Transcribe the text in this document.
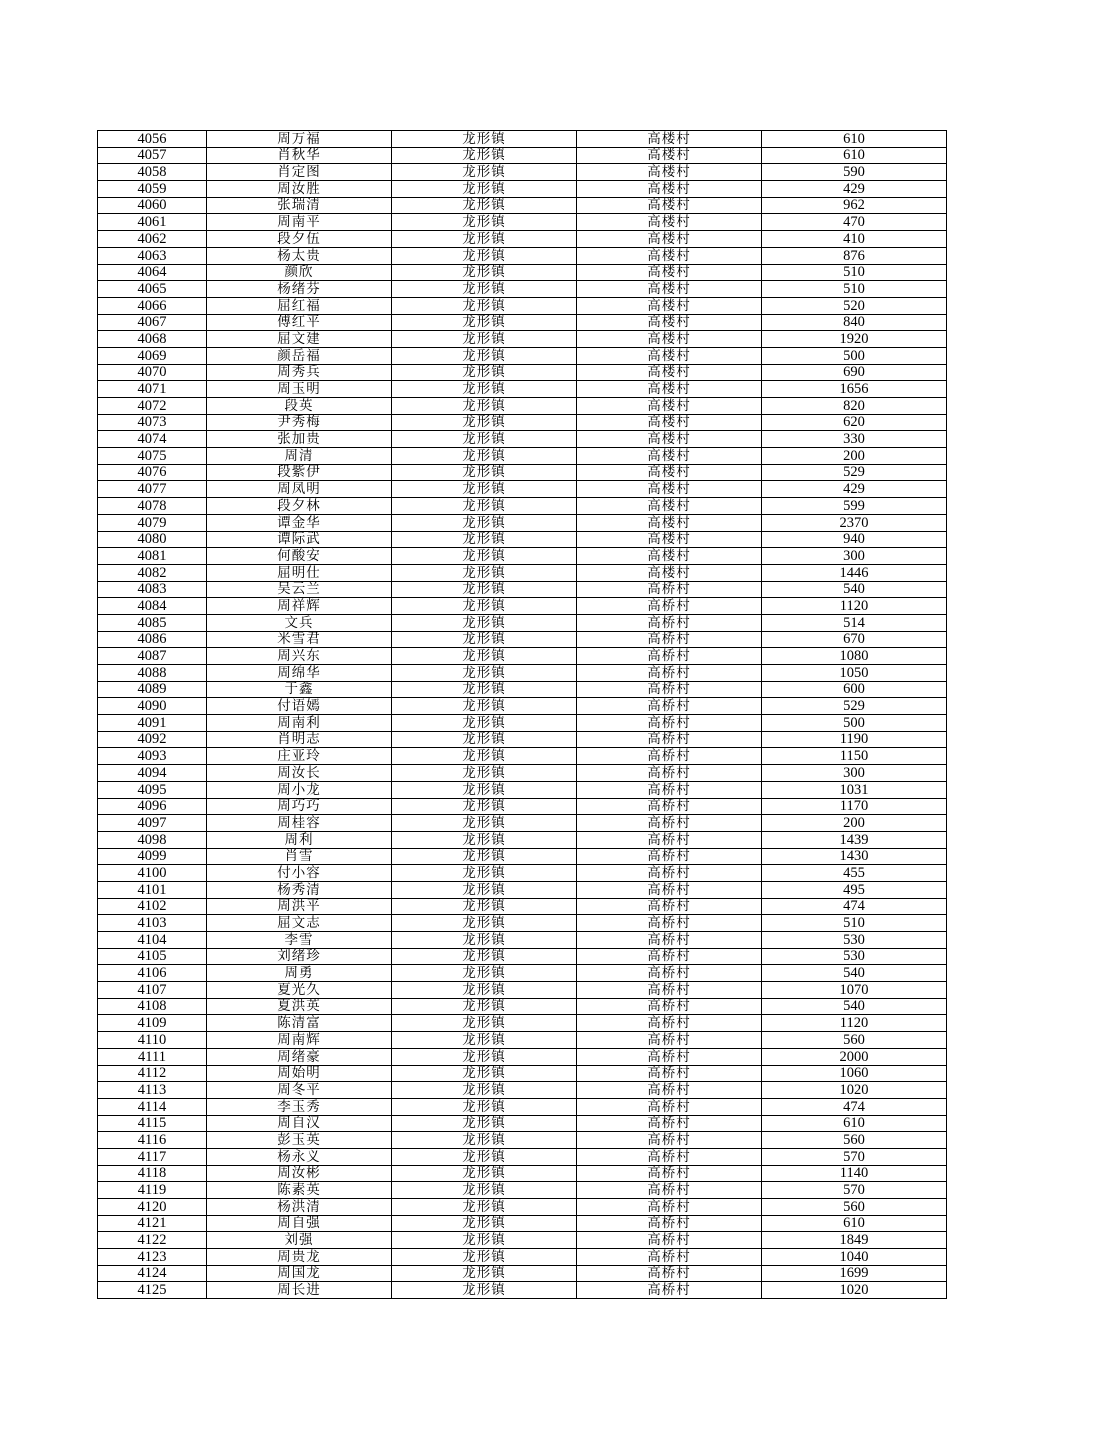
4056	周万福	龙形镇	高楼村	610
4057	肖秋华	龙形镇	高楼村	610
4058	肖定图	龙形镇	高楼村	590
4059	周汝胜	龙形镇	高楼村	429
4060	张瑞清	龙形镇	高楼村	962
4061	周南平	龙形镇	高楼村	470
4062	段夕伍	龙形镇	高楼村	410
4063	杨太贵	龙形镇	高楼村	876
4064	颜欣	龙形镇	高楼村	510
4065	杨绪芬	龙形镇	高楼村	510
4066	屈红福	龙形镇	高楼村	520
4067	傅红平	龙形镇	高楼村	840
4068	屈文建	龙形镇	高楼村	1920
4069	颜岳福	龙形镇	高楼村	500
4070	周秀兵	龙形镇	高楼村	690
4071	周玉明	龙形镇	高楼村	1656
4072	段英	龙形镇	高楼村	820
4073	尹秀梅	龙形镇	高楼村	620
4074	张加贵	龙形镇	高楼村	330
4075	周清	龙形镇	高楼村	200
4076	段紫伊	龙形镇	高楼村	529
4077	周凤明	龙形镇	高楼村	429
4078	段夕林	龙形镇	高楼村	599
4079	谭金华	龙形镇	高楼村	2370
4080	谭际武	龙形镇	高楼村	940
4081	何酸安	龙形镇	高楼村	300
4082	屈明仕	龙形镇	高楼村	1446
4083	吴云兰	龙形镇	高桥村	540
4084	周祥辉	龙形镇	高桥村	1120
4085	文兵	龙形镇	高桥村	514
4086	米雪君	龙形镇	高桥村	670
4087	周兴东	龙形镇	高桥村	1080
4088	周绵华	龙形镇	高桥村	1050
4089	于鑫	龙形镇	高桥村	600
4090	付语嫣	龙形镇	高桥村	529
4091	周南利	龙形镇	高桥村	500
4092	肖明志	龙形镇	高桥村	1190
4093	庄亚玲	龙形镇	高桥村	1150
4094	周汝长	龙形镇	高桥村	300
4095	周小龙	龙形镇	高桥村	1031
4096	周巧巧	龙形镇	高桥村	1170
4097	周桂容	龙形镇	高桥村	200
4098	周利	龙形镇	高桥村	1439
4099	肖雪	龙形镇	高桥村	1430
4100	付小容	龙形镇	高桥村	455
4101	杨秀清	龙形镇	高桥村	495
4102	周洪平	龙形镇	高桥村	474
4103	屈文志	龙形镇	高桥村	510
4104	李雪	龙形镇	高桥村	530
4105	刘绪珍	龙形镇	高桥村	530
4106	周勇	龙形镇	高桥村	540
4107	夏光久	龙形镇	高桥村	1070
4108	夏洪英	龙形镇	高桥村	540
4109	陈清富	龙形镇	高桥村	1120
4110	周南辉	龙形镇	高桥村	560
4111	周绪豪	龙形镇	高桥村	2000
4112	周始明	龙形镇	高桥村	1060
4113	周冬平	龙形镇	高桥村	1020
4114	李玉秀	龙形镇	高桥村	474
4115	周自汉	龙形镇	高桥村	610
4116	彭玉英	龙形镇	高桥村	560
4117	杨永义	龙形镇	高桥村	570
4118	周汝彬	龙形镇	高桥村	1140
4119	陈素英	龙形镇	高桥村	570
4120	杨洪清	龙形镇	高桥村	560
4121	周自强	龙形镇	高桥村	610
4122	刘强	龙形镇	高桥村	1849
4123	周贵龙	龙形镇	高桥村	1040
4124	周国龙	龙形镇	高桥村	1699
4125	周长进	龙形镇	高桥村	1020
